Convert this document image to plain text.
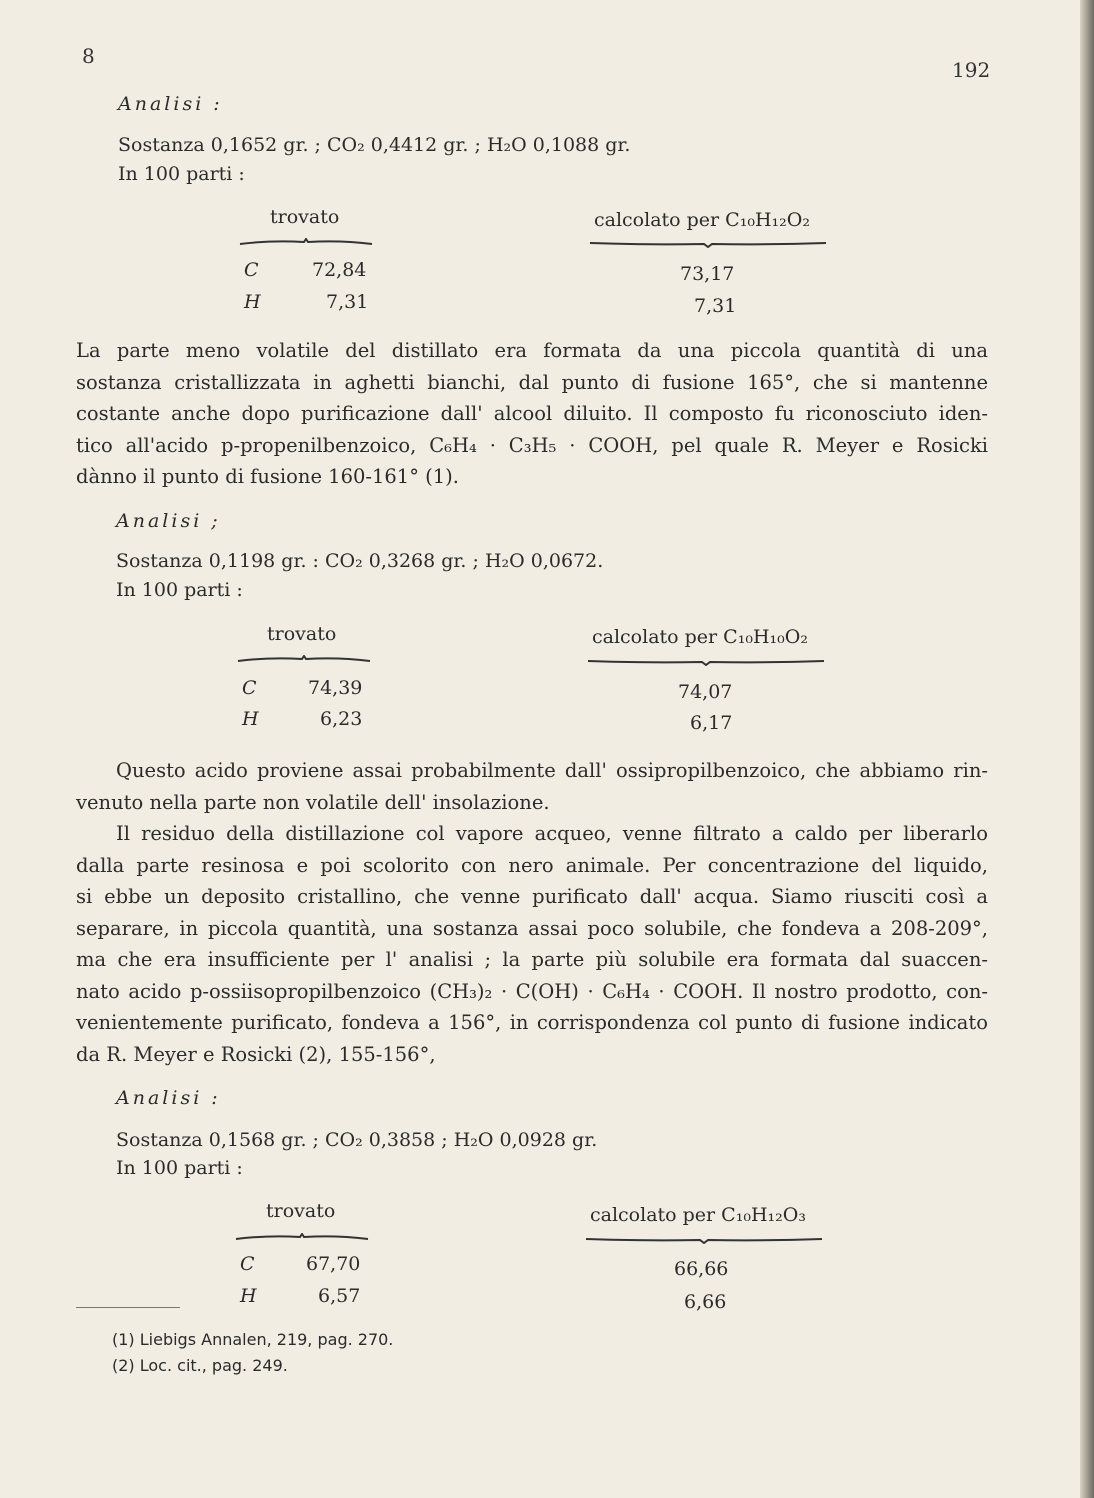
8
192
Analisi :
Sostanza 0,1652 gr. ; CO₂ 0,4412 gr. ; H₂O 0,1088 gr.
In 100 parti :
trovato	calcolato per C₁₀H₁₂O₂
C	72,84	73,17
H	7,31	7,31
La parte meno volatile del distillato era formata da una piccola quantità di una
sostanza cristallizzata in aghetti bianchi, dal punto di fusione 165°, che si mantenne
costante anche dopo purificazione dall' alcool diluito. Il composto fu riconosciuto iden-
tico all'acido p-propenilbenzoico, C₆H₄ · C₃H₅ · COOH, pel quale R. Meyer e Rosicki
dànno il punto di fusione 160-161° (1).
Analisi ;
Sostanza 0,1198 gr. : CO₂ 0,3268 gr. ; H₂O 0,0672.
In 100 parti :
trovato	calcolato per C₁₀H₁₀O₂
C	74,39	74,07
H	6,23	6,17
Questo acido proviene assai probabilmente dall' ossipropilbenzoico, che abbiamo rin-
venuto nella parte non volatile dell' insolazione.
Il residuo della distillazione col vapore acqueo, venne filtrato a caldo per liberarlo
dalla parte resinosa e poi scolorito con nero animale. Per concentrazione del liquido,
si ebbe un deposito cristallino, che venne purificato dall' acqua. Siamo riusciti così a
separare, in piccola quantità, una sostanza assai poco solubile, che fondeva a 208-209°,
ma che era insufficiente per l' analisi ; la parte più solubile era formata dal suaccen-
nato acido p-ossiisopropilbenzoico (CH₃)₂ · C(OH) · C₆H₄ · COOH. Il nostro prodotto, con-
venientemente purificato, fondeva a 156°, in corrispondenza col punto di fusione indicato
da R. Meyer e Rosicki (2), 155-156°,
Analisi :
Sostanza 0,1568 gr. ; CO₂ 0,3858 ; H₂O 0,0928 gr.
In 100 parti :
trovato	calcolato per C₁₀H₁₂O₃
C	67,70	66,66
H	6,57	6,66
(1) Liebigs Annalen, 219, pag. 270.
(2) Loc. cit., pag. 249.
